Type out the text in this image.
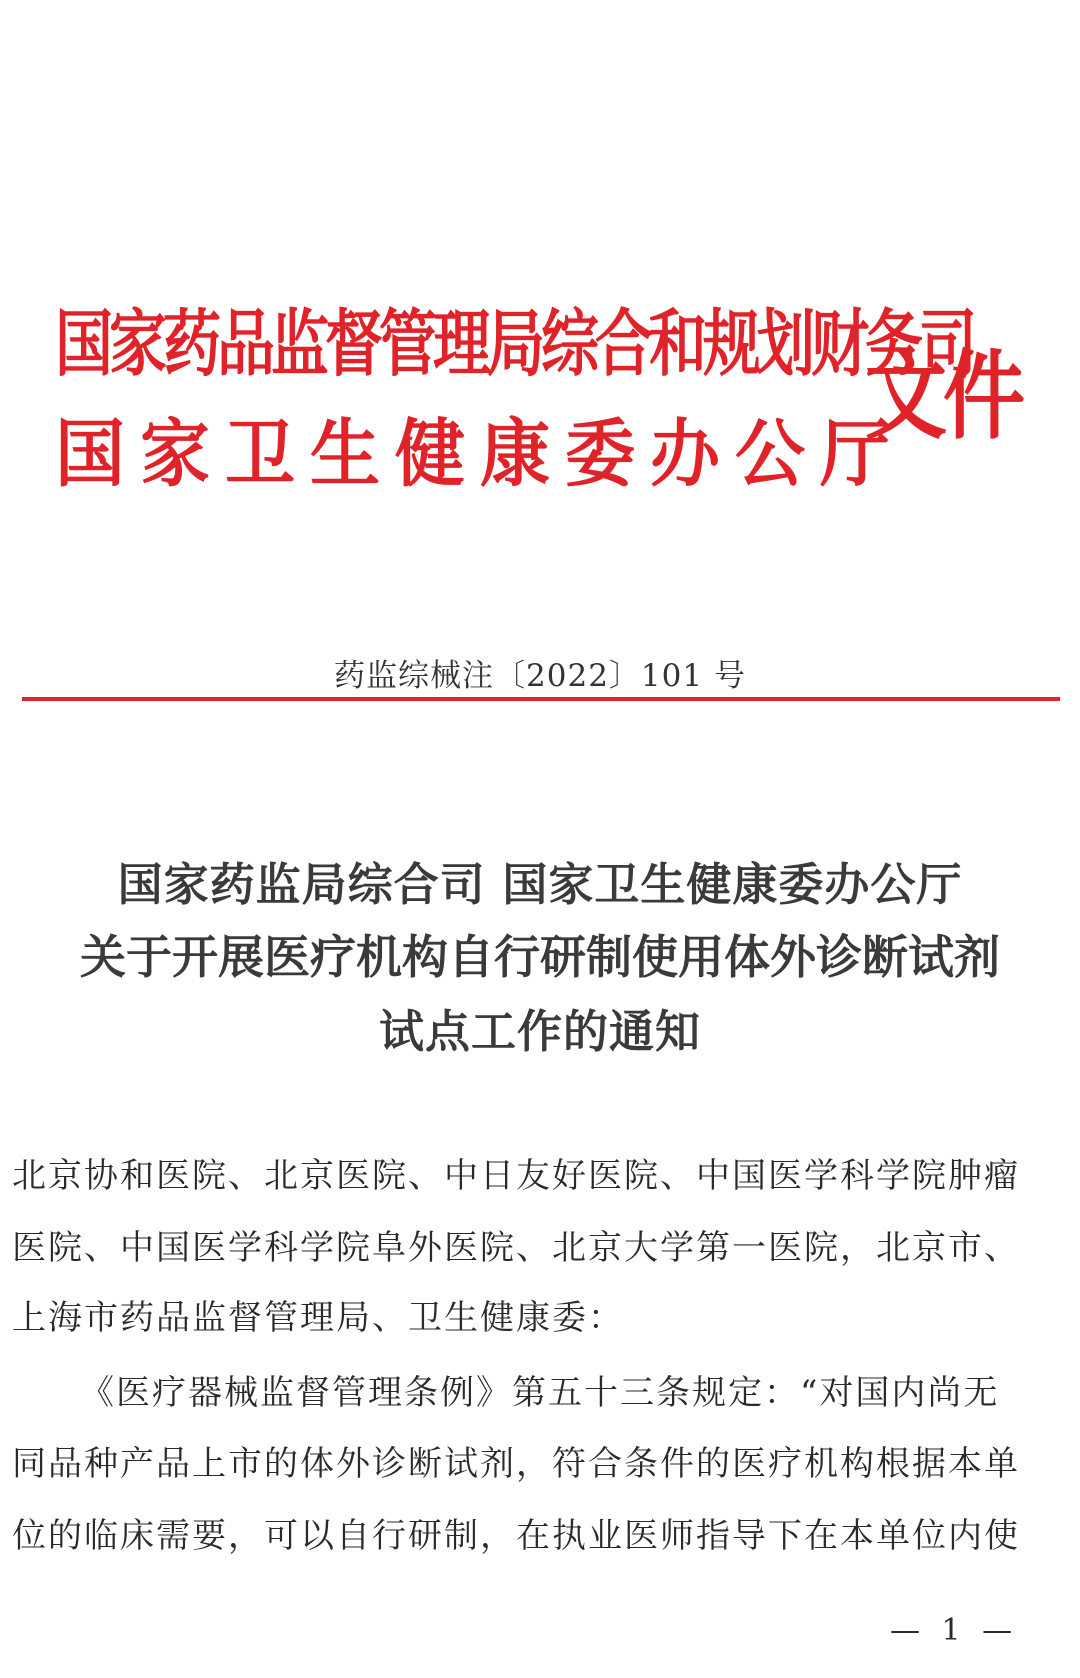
国家药品监督管理局综合和规划财务司
国家卫生健康委办公厅
文件
药监综械注〔2022〕101 号
国家药监局综合司 国家卫生健康委办公厅
关于开展医疗机构自行研制使用体外诊断试剂
试点工作的通知
北京协和医院、北京医院、中日友好医院、中国医学科学院肿瘤
医院、中国医学科学院阜外医院、北京大学第一医院，北京市、
上海市药品监督管理局、卫生健康委：
《医疗器械监督管理条例》第五十三条规定：“对国内尚无
同品种产品上市的体外诊断试剂，符合条件的医疗机构根据本单
位的临床需要，可以自行研制，在执业医师指导下在本单位内使
— 1 —
